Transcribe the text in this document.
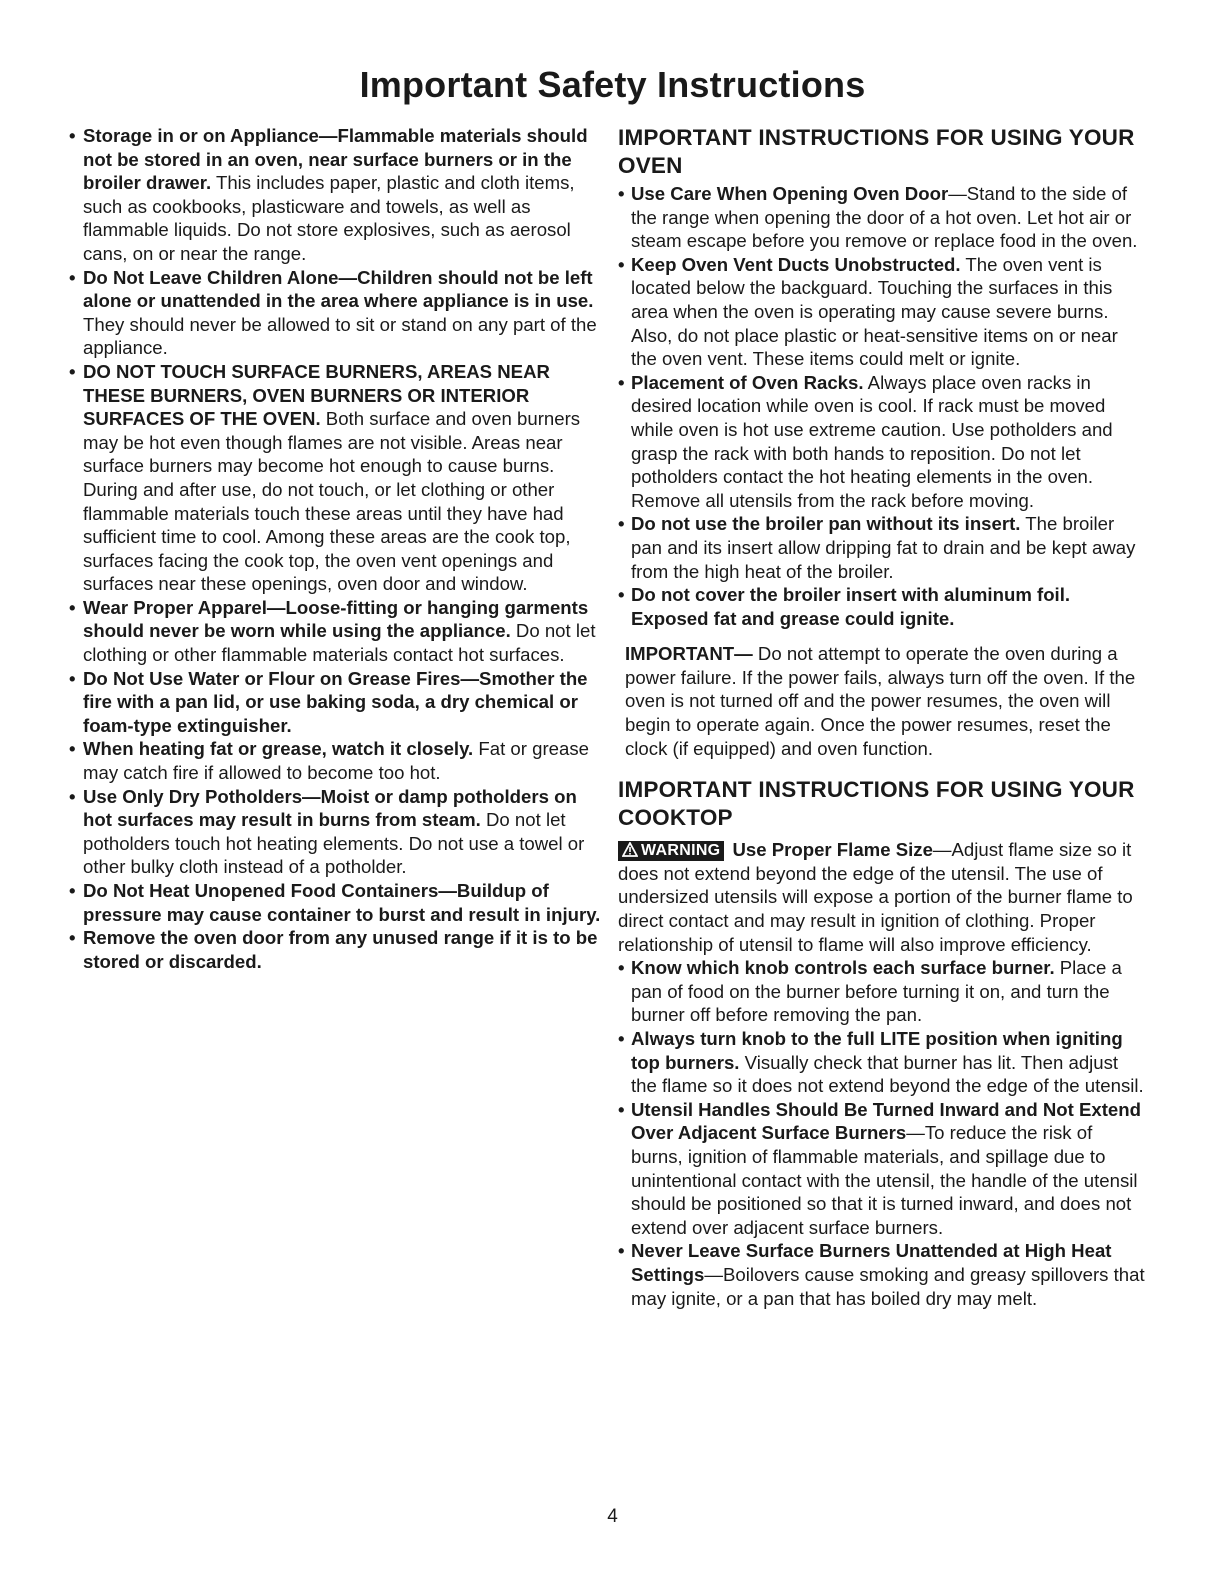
Important Safety Instructions
• Storage in or on Appliance—Flammable materials should not be stored in an oven, near surface burners or in the broiler drawer. This includes paper, plastic and cloth items, such as cookbooks, plasticware and towels, as well as flammable liquids. Do not store explosives, such as aerosol cans, on or near the range.
• Do Not Leave Children Alone—Children should not be left alone or unattended in the area where appliance is in use. They should never be allowed to sit or stand on any part of the appliance.
• DO NOT TOUCH SURFACE BURNERS, AREAS NEAR THESE BURNERS, OVEN BURNERS OR INTERIOR SURFACES OF THE OVEN. Both surface and oven burners may be hot even though flames are not visible. Areas near surface burners may become hot enough to cause burns. During and after use, do not touch, or let clothing or other flammable materials touch these areas until they have had sufficient time to cool. Among these areas are the cook top, surfaces facing the cook top, the oven vent openings and surfaces near these openings, oven door and window.
• Wear Proper Apparel—Loose-fitting or hanging garments should never be worn while using the appliance. Do not let clothing or other flammable materials contact hot surfaces.
• Do Not Use Water or Flour on Grease Fires—Smother the fire with a pan lid, or use baking soda, a dry chemical or foam-type extinguisher.
• When heating fat or grease, watch it closely. Fat or grease may catch fire if allowed to become too hot.
• Use Only Dry Potholders—Moist or damp potholders on hot surfaces may result in burns from steam. Do not let potholders touch hot heating elements. Do not use a towel or other bulky cloth instead of a potholder.
• Do Not Heat Unopened Food Containers—Buildup of pressure may cause container to burst and result in injury.
• Remove the oven door from any unused range if it is to be stored or discarded.
IMPORTANT INSTRUCTIONS FOR USING YOUR OVEN
• Use Care When Opening Oven Door—Stand to the side of the range when opening the door of a hot oven. Let hot air or steam escape before you remove or replace food in the oven.
• Keep Oven Vent Ducts Unobstructed. The oven vent is located below the backguard. Touching the surfaces in this area when the oven is operating may cause severe burns. Also, do not place plastic or heat-sensitive items on or near the oven vent. These items could melt or ignite.
• Placement of Oven Racks. Always place oven racks in desired location while oven is cool. If rack must be moved while oven is hot use extreme caution. Use potholders and grasp the rack with both hands to reposition. Do not let potholders contact the hot heating elements in the oven. Remove all utensils from the rack before moving.
• Do not use the broiler pan without its insert. The broiler pan and its insert allow dripping fat to drain and be kept away from the high heat of the broiler.
• Do not cover the broiler insert with aluminum foil. Exposed fat and grease could ignite.

IMPORTANT— Do not attempt to operate the oven during a power failure. If the power fails, always turn off the oven. If the oven is not turned off and the power resumes, the oven will begin to operate again. Once the power resumes, reset the clock (if equipped) and oven function.

IMPORTANT INSTRUCTIONS FOR USING YOUR COOKTOP

WARNING Use Proper Flame Size—Adjust flame size so it does not extend beyond the edge of the utensil. The use of undersized utensils will expose a portion of the burner flame to direct contact and may result in ignition of clothing. Proper relationship of utensil to flame will also improve efficiency.

• Know which knob controls each surface burner. Place a pan of food on the burner before turning it on, and turn the burner off before removing the pan.
• Always turn knob to the full LITE position when igniting top burners. Visually check that burner has lit. Then adjust the flame so it does not extend beyond the edge of the utensil.
• Utensil Handles Should Be Turned Inward and Not Extend Over Adjacent Surface Burners—To reduce the risk of burns, ignition of flammable materials, and spillage due to unintentional contact with the utensil, the handle of the utensil should be positioned so that it is turned inward, and does not extend over adjacent surface burners.
• Never Leave Surface Burners Unattended at High Heat Settings—Boilovers cause smoking and greasy spillovers that may ignite, or a pan that has boiled dry may melt.
4
